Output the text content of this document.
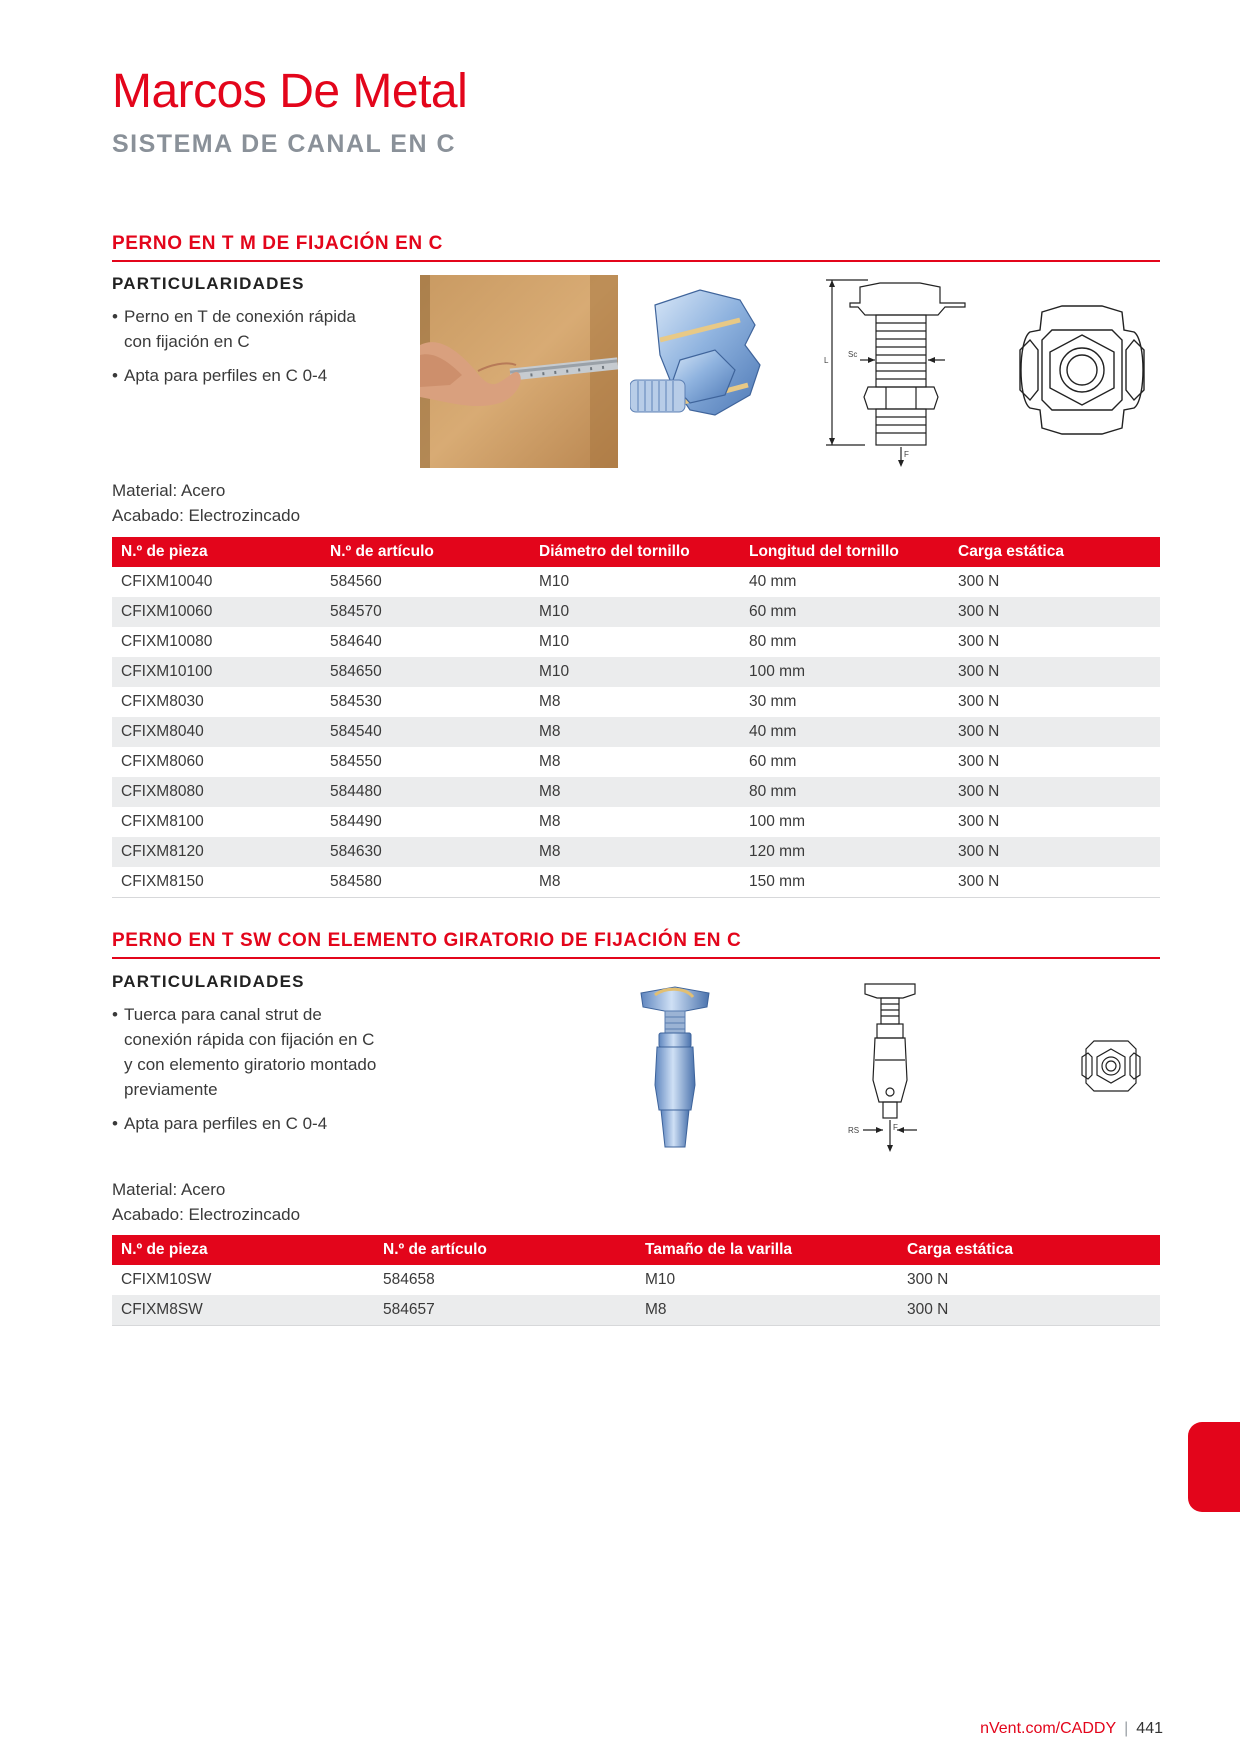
Marcos De Metal
SISTEMA DE CANAL EN C
PERNO EN T M DE FIJACIÓN EN C
PARTICULARIDADES
• Perno en T de conexión rápida con fijación en C
• Apta para perfiles en C 0-4
L
Sc
F
Material: Acero
Acabado: Electrozincado
N.º de pieza	N.º de artículo	Diámetro del tornillo	Longitud del tornillo	Carga estática
CFIXM10040	584560	M10	40 mm	300 N
CFIXM10060	584570	M10	60 mm	300 N
CFIXM10080	584640	M10	80 mm	300 N
CFIXM10100	584650	M10	100 mm	300 N
CFIXM8030	584530	M8	30 mm	300 N
CFIXM8040	584540	M8	40 mm	300 N
CFIXM8060	584550	M8	60 mm	300 N
CFIXM8080	584480	M8	80 mm	300 N
CFIXM8100	584490	M8	100 mm	300 N
CFIXM8120	584630	M8	120 mm	300 N
CFIXM8150	584580	M8	150 mm	300 N
PERNO EN T SW CON ELEMENTO GIRATORIO DE FIJACIÓN EN C
PARTICULARIDADES
• Tuerca para canal strut de conexión rápida con fijación en C y con elemento giratorio montado previamente
• Apta para perfiles en C 0-4	RS	F
Material: Acero
Acabado: Electrozincado
N.º de pieza	N.º de artículo	Tamaño de la varilla	Carga estática
CFIXM10SW	584658	M10	300 N
CFIXM8SW	584657	M8	300 N
nVent.com/CADDY | 441
